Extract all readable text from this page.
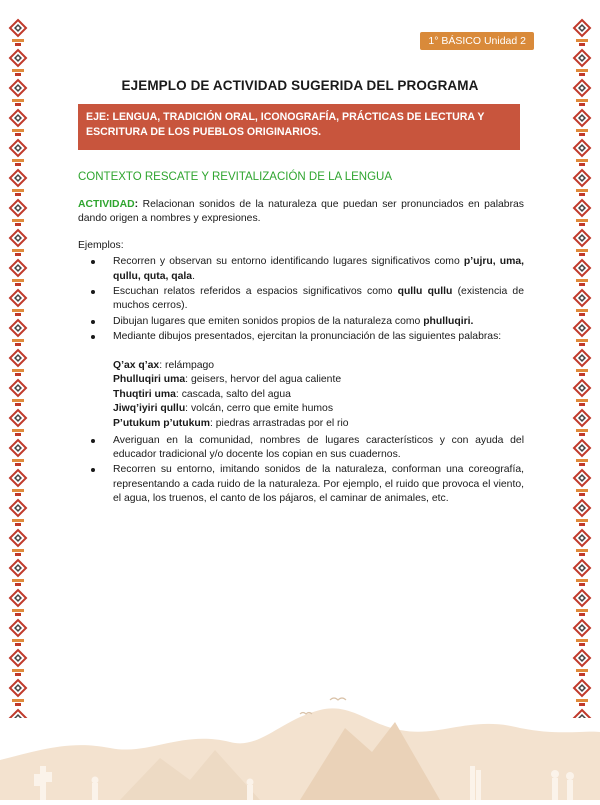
1° BÁSICO Unidad 2
EJEMPLO DE ACTIVIDAD SUGERIDA DEL PROGRAMA
EJE: LENGUA, TRADICIÓN ORAL, ICONOGRAFÍA, PRÁCTICAS DE LECTURA Y ESCRITURA DE LOS PUEBLOS ORIGINARIOS.
CONTEXTO RESCATE Y REVITALIZACIÓN DE LA LENGUA
ACTIVIDAD: Relacionan sonidos de la naturaleza que puedan ser pronunciados en palabras dando origen a nombres y expresiones.
Ejemplos:
Recorren y observan su entorno identificando lugares significativos como p’ujru, uma, qullu, quta, qala.
Escuchan relatos referidos a espacios significativos como qullu qullu (existencia de muchos cerros).
Dibujan lugares que emiten sonidos propios de la naturaleza como phulluqiri.
Mediante dibujos presentados, ejercitan la pronunciación de las siguientes palabras:
Q’ax q’ax: relámpago
Phulluqiri uma: geisers, hervor del agua caliente
Thuqtiri uma: cascada, salto del agua
Jiwq’iyiri qullu: volcán, cerro que emite humos
P’utukum p’utukum: piedras arrastradas por el rio
Averiguan en la comunidad, nombres de lugares característicos y con ayuda del educador tradicional y/o docente los copian en sus cuadernos.
Recorren su entorno, imitando sonidos de la naturaleza, conforman una coreografía, representando a cada ruido de la naturaleza. Por ejemplo, el ruido que provoca el viento, el agua, los truenos, el canto de los pájaros, el caminar de animales, etc.
